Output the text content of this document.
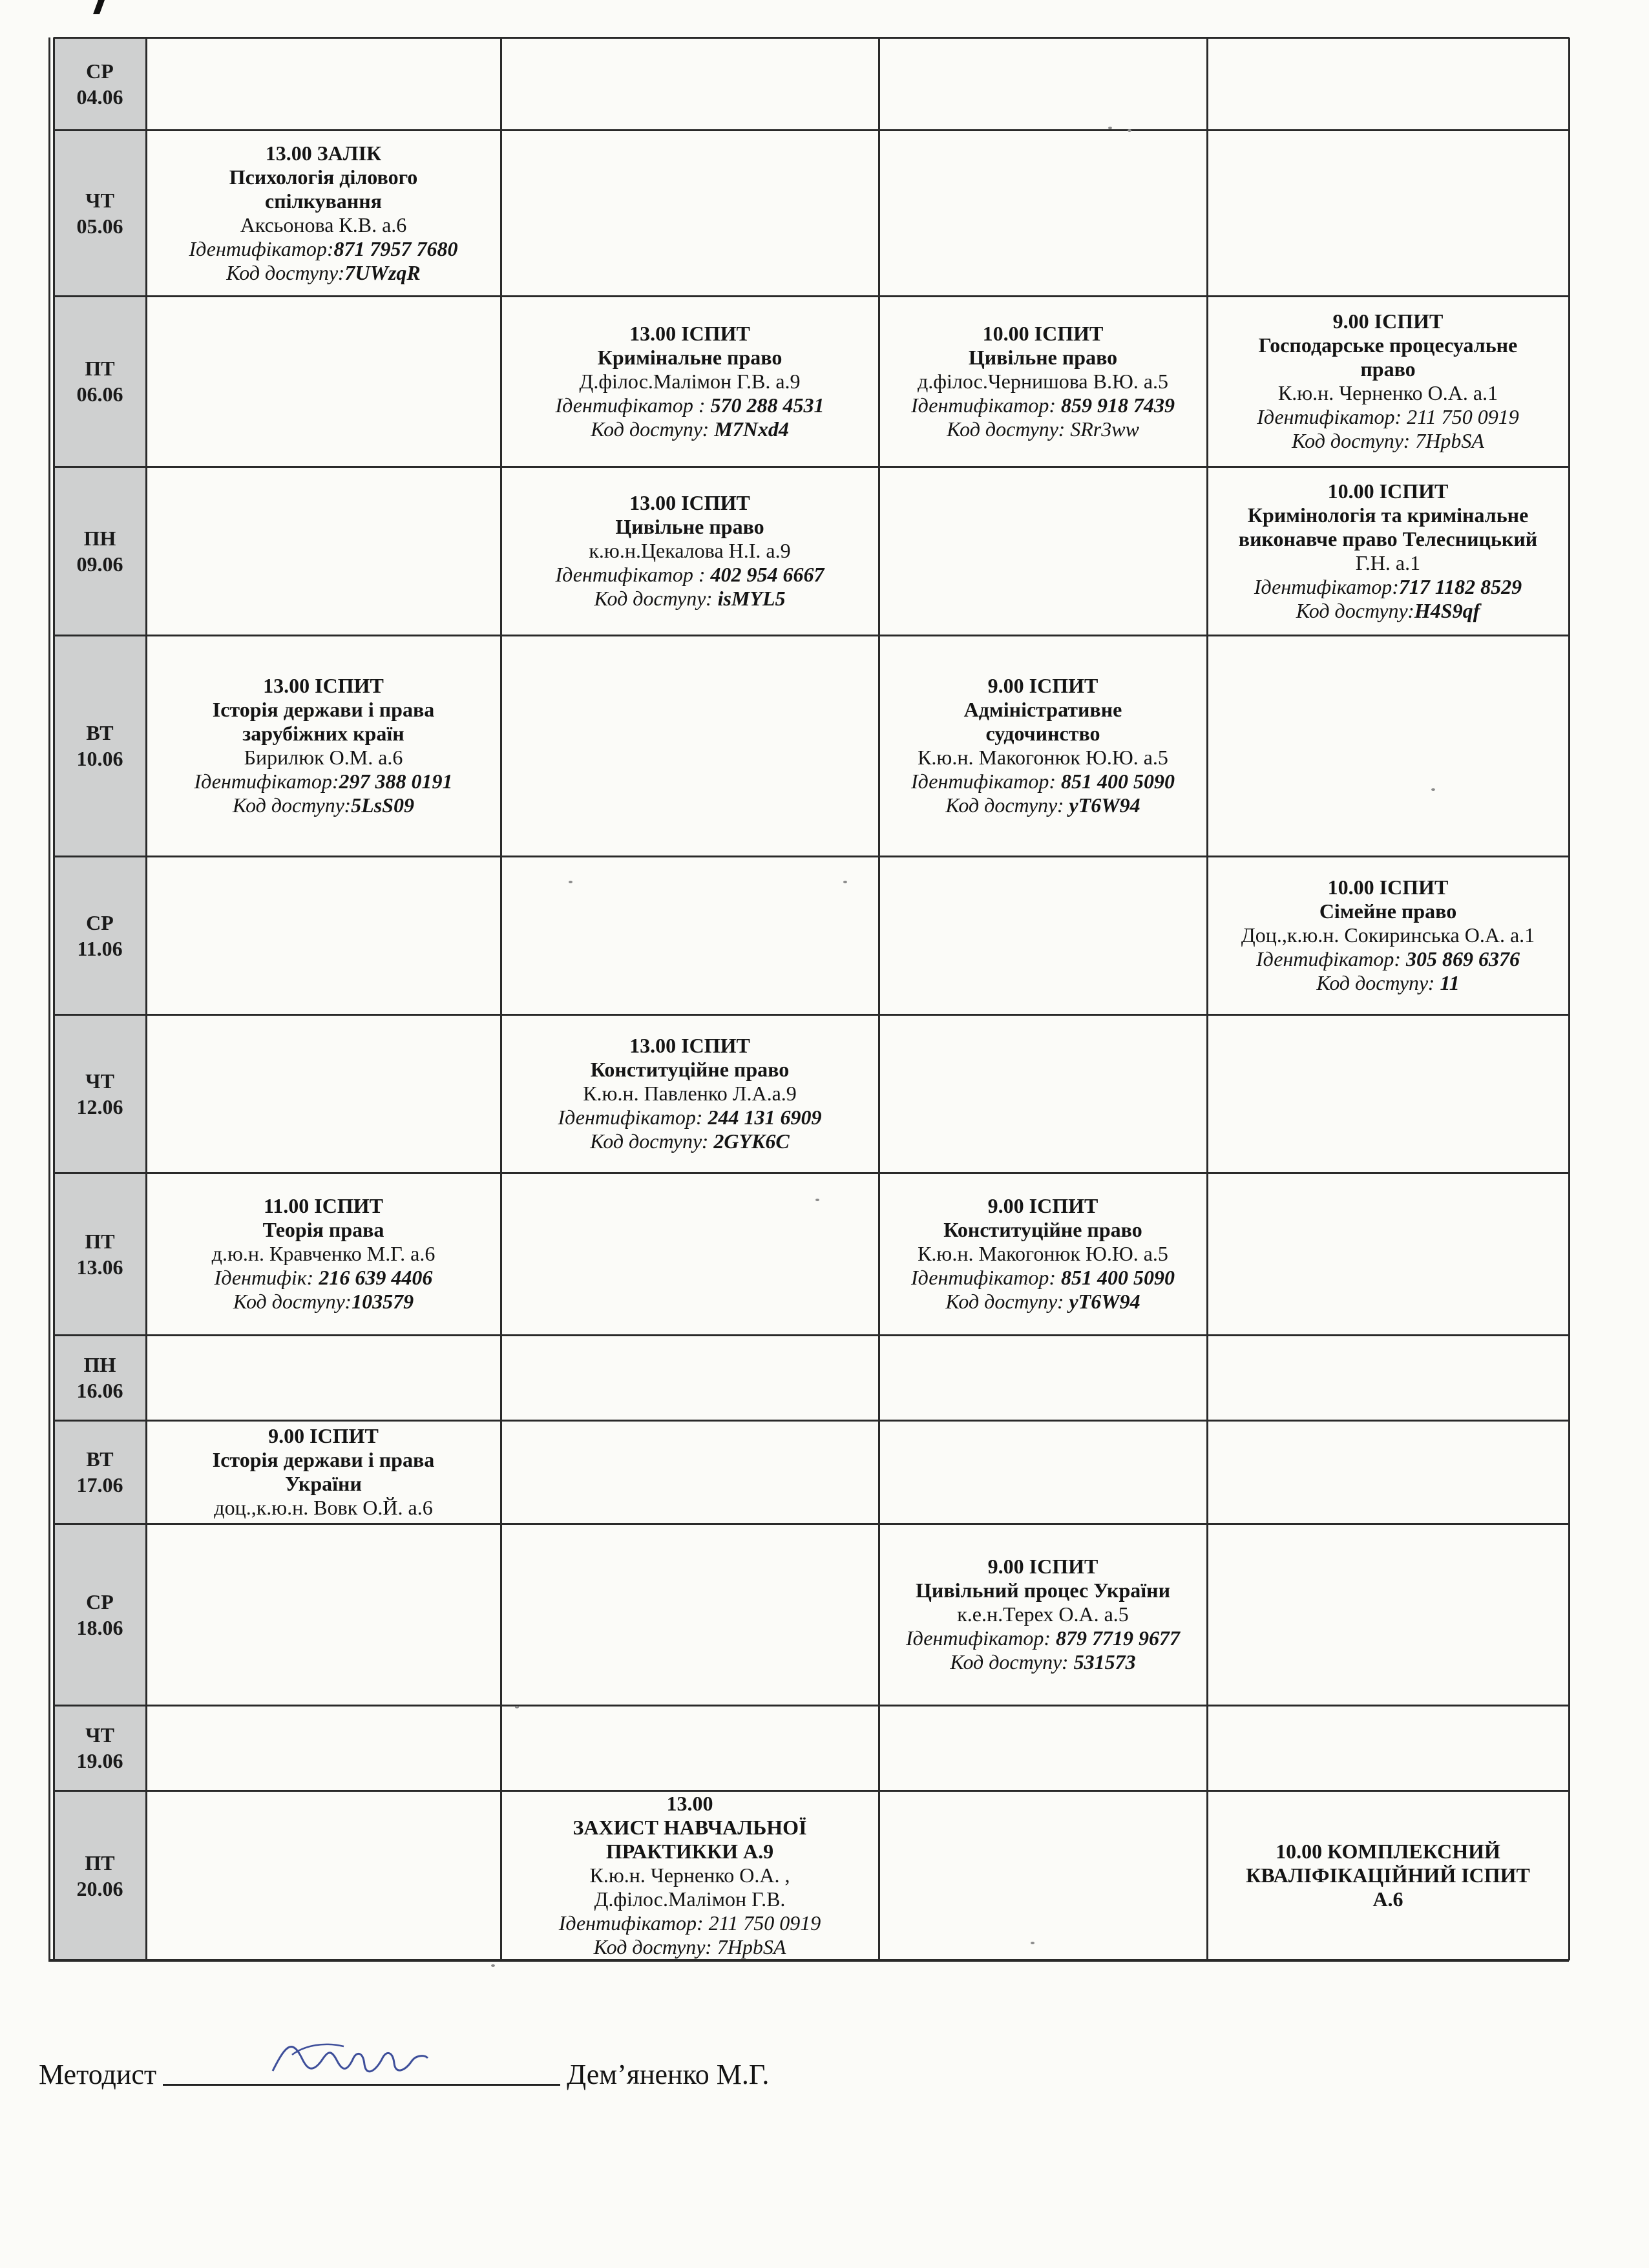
СР
04.06
ЧТ
05.06
13.00 ЗАЛІК
Психологія ділового
спілкування
Аксьонова К.В. а.6
Ідентифікатор:871 7957 7680
Код доступу:7UWzqR
ПТ
06.06
13.00 ІСПИТ
Кримінальне право
Д.філос.Малімон Г.В. а.9
Ідентифікатор : 570 288 4531
Код доступу: M7Nxd4
10.00 ІСПИТ
Цивільне право
д.філос.Чернишова В.Ю. а.5
Ідентифікатор: 859 918 7439
Код доступу: SRr3ww
9.00 ІСПИТ
Господарське процесуальне
право
К.ю.н. Черненко О.А. а.1
Ідентифікатор: 211 750 0919
Код доступу: 7HpbSA
ПН
09.06
13.00 ІСПИТ
Цивільне право
к.ю.н.Цекалова Н.І. а.9
Ідентифікатор : 402 954 6667
Код доступу: isMYL5
10.00 ІСПИТ
Кримінологія та кримінальне
виконавче право Телесницький
Г.Н. а.1
Ідентифікатор:717 1182 8529
Код доступу:H4S9qf
ВТ
10.06
13.00 ІСПИТ
Історія держави і права
зарубіжних країн
Бирилюк О.М. а.6
Ідентифікатор:297 388 0191
Код доступу:5LsS09
9.00 ІСПИТ
Адміністративне
судочинство
К.ю.н. Макогонюк Ю.Ю. а.5
Ідентифікатор: 851 400 5090
Код доступу: yT6W94
СР
11.06
10.00 ІСПИТ
Сімейне право
Доц.,к.ю.н. Сокиринська О.А. а.1
Ідентифікатор: 305 869 6376
Код доступу: 11
ЧТ
12.06
13.00 ІСПИТ
Конституційне право
К.ю.н. Павленко Л.А.а.9
Ідентифікатор: 244 131 6909
Код доступу: 2GYK6C
ПТ
13.06
11.00 ІСПИТ
Теорія права
д.ю.н. Кравченко М.Г. а.6
Ідентифік: 216 639 4406
Код доступу:103579
9.00 ІСПИТ
Конституційне право
К.ю.н. Макогонюк Ю.Ю. а.5
Ідентифікатор: 851 400 5090
Код доступу: yT6W94
ПН
16.06
ВТ
17.06
9.00 ІСПИТ
Історія держави і права
України
доц.,к.ю.н. Вовк О.Й. а.6
СР
18.06
9.00 ІСПИТ
Цивільний процес України
к.е.н.Терех О.А. а.5
Ідентифікатор: 879 7719 9677
Код доступу: 531573
ЧТ
19.06
ПТ
20.06
13.00
ЗАХИСТ НАВЧАЛЬНОЇ
ПРАКТИККИ А.9
К.ю.н. Черненко О.А. ,
Д.філос.Малімон Г.В.
Ідентифікатор: 211 750 0919
Код доступу: 7HpbSA
10.00 КОМПЛЕКСНИЙ
КВАЛІФІКАЦІЙНИЙ ІСПИТ
А.6
Методист	Дем’яненко М.Г.
